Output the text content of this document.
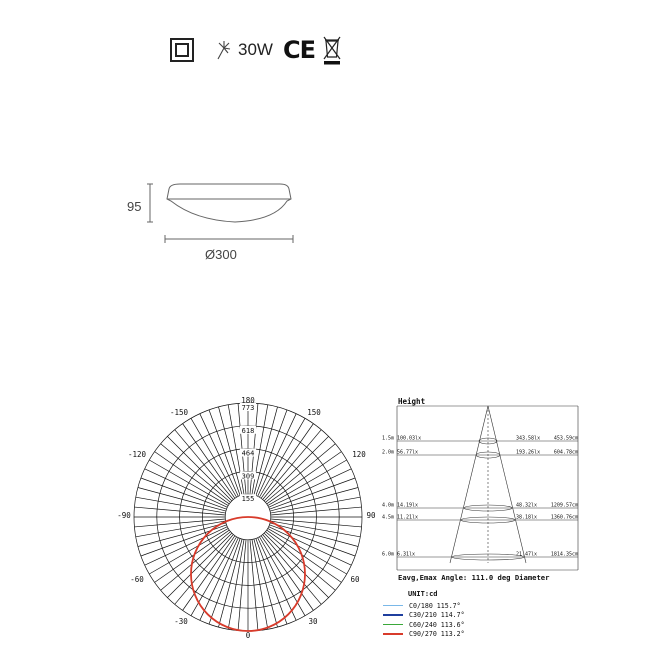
30W CE
95
Ø300
773
618
464
309
155
180
-150	150
-120	120
-90	90
-60	60
-30	30
0
1.5m 100.03lx	343.58lx	453.59cm
2.0m 56.77lx	193.26lx	604.78cm
4.0m 14.19lx	48.32lx	1209.57cm
4.5m 11.21lx	38.18lx	1360.76cm
6.0m 6.31lx	21.47lx	1814.35cm
Height
Eavg,Emax Angle: 111.0 deg Diameter
UNIT:cd
C0/180 115.7°
C30/210 114.7°
C60/240 113.6°
C90/270 113.2°
